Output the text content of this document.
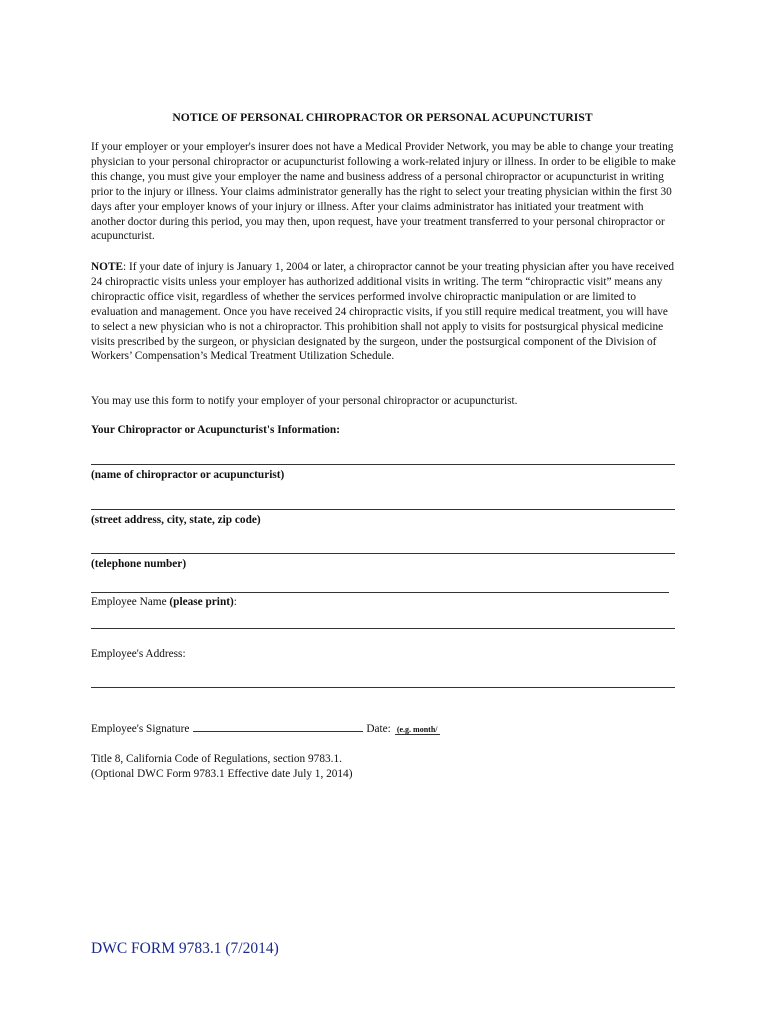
NOTICE OF PERSONAL CHIROPRACTOR OR PERSONAL ACUPUNCTURIST
If your employer or your employer's insurer does not have a Medical Provider Network, you may be able to change your treating physician to your personal chiropractor or acupuncturist following a work-related injury or illness. In order to be eligible to make this change, you must give your employer the name and business address of a personal chiropractor or acupuncturist in writing prior to the injury or illness. Your claims administrator generally has the right to select your treating physician within the first 30 days after your employer knows of your injury or illness. After your claims administrator has initiated your treatment with another doctor during this period, you may then, upon request, have your treatment transferred to your personal chiropractor or acupuncturist.
NOTE: If your date of injury is January 1, 2004 or later, a chiropractor cannot be your treating physician after you have received 24 chiropractic visits unless your employer has authorized additional visits in writing. The term “chiropractic visit” means any chiropractic office visit, regardless of whether the services performed involve chiropractic manipulation or are limited to evaluation and management. Once you have received 24 chiropractic visits, if you still require medical treatment, you will have to select a new physician who is not a chiropractor. This prohibition shall not apply to visits for postsurgical physical medicine visits prescribed by the surgeon, or physician designated by the surgeon, under the postsurgical component of the Division of Workers’ Compensation’s Medical Treatment Utilization Schedule.
You may use this form to notify your employer of your personal chiropractor or acupuncturist.
Your Chiropractor or Acupuncturist's Information:
(name of chiropractor or acupuncturist)
(street address, city, state, zip code)
(telephone number)
Employee Name (please print):
Employee's Address:
Employee's Signature	Date: (e.g. month/
Title 8, California Code of Regulations, section 9783.1.
(Optional DWC Form 9783.1 Effective date July 1, 2014)
DWC FORM 9783.1 (7/2014)
